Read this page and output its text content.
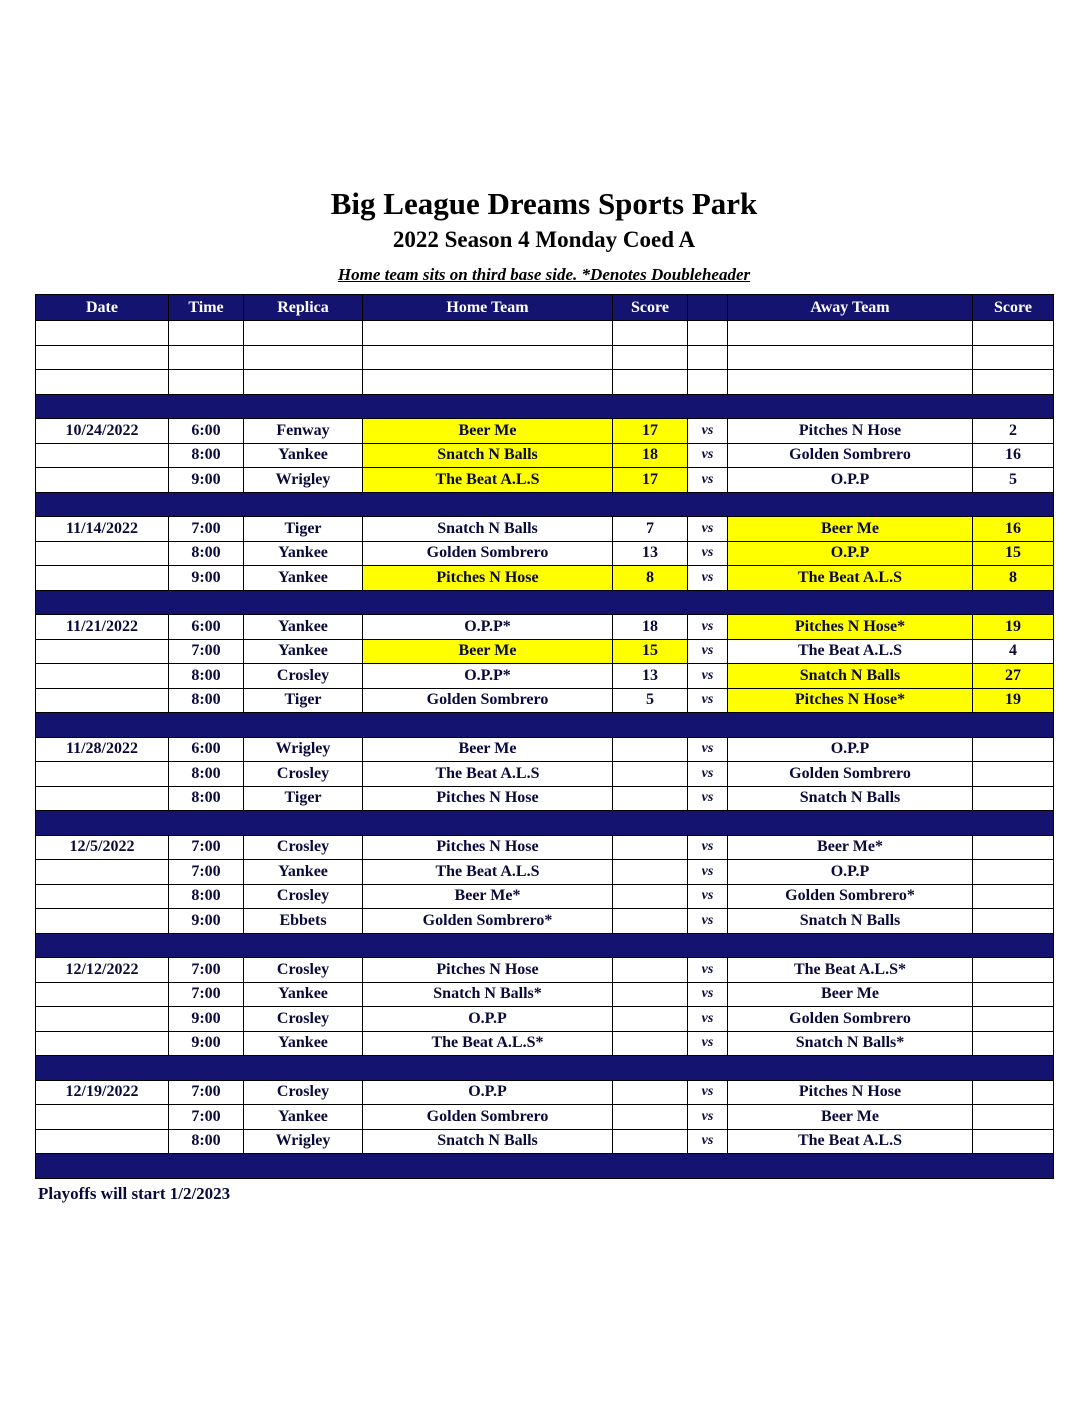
Big League Dreams Sports Park
2022 Season 4 Monday Coed A
Home team sits on third base side. *Denotes Doubleheader
Date	Time	Replica	Home Team	Score		Away Team	Score

10/24/2022	6:00	Fenway	Beer Me	17	vs	Pitches N Hose	2
	8:00	Yankee	Snatch N Balls	18	vs	Golden Sombrero	16
	9:00	Wrigley	The Beat A.L.S	17	vs	O.P.P	5

11/14/2022	7:00	Tiger	Snatch N Balls	7	vs	Beer Me	16
	8:00	Yankee	Golden Sombrero	13	vs	O.P.P	15
	9:00	Yankee	Pitches N Hose	8	vs	The Beat A.L.S	8

11/21/2022	6:00	Yankee	O.P.P*	18	vs	Pitches N Hose*	19
	7:00	Yankee	Beer Me	15	vs	The Beat A.L.S	4
	8:00	Crosley	O.P.P*	13	vs	Snatch N Balls	27
	8:00	Tiger	Golden Sombrero	5	vs	Pitches N Hose*	19

11/28/2022	6:00	Wrigley	Beer Me		vs	O.P.P	
	8:00	Crosley	The Beat A.L.S		vs	Golden Sombrero	
	8:00	Tiger	Pitches N Hose		vs	Snatch N Balls	

12/5/2022	7:00	Crosley	Pitches N Hose		vs	Beer Me*	
	7:00	Yankee	The Beat A.L.S		vs	O.P.P	
	8:00	Crosley	Beer Me*		vs	Golden Sombrero*	
	9:00	Ebbets	Golden Sombrero*		vs	Snatch N Balls	

12/12/2022	7:00	Crosley	Pitches N Hose		vs	The Beat A.L.S*	
	7:00	Yankee	Snatch N Balls*		vs	Beer Me	
	9:00	Crosley	O.P.P		vs	Golden Sombrero	
	9:00	Yankee	The Beat A.L.S*		vs	Snatch N Balls*	

12/19/2022	7:00	Crosley	O.P.P		vs	Pitches N Hose	
	7:00	Yankee	Golden Sombrero		vs	Beer Me	
	8:00	Wrigley	Snatch N Balls		vs	The Beat A.L.S	

Playoffs will start 1/2/2023
